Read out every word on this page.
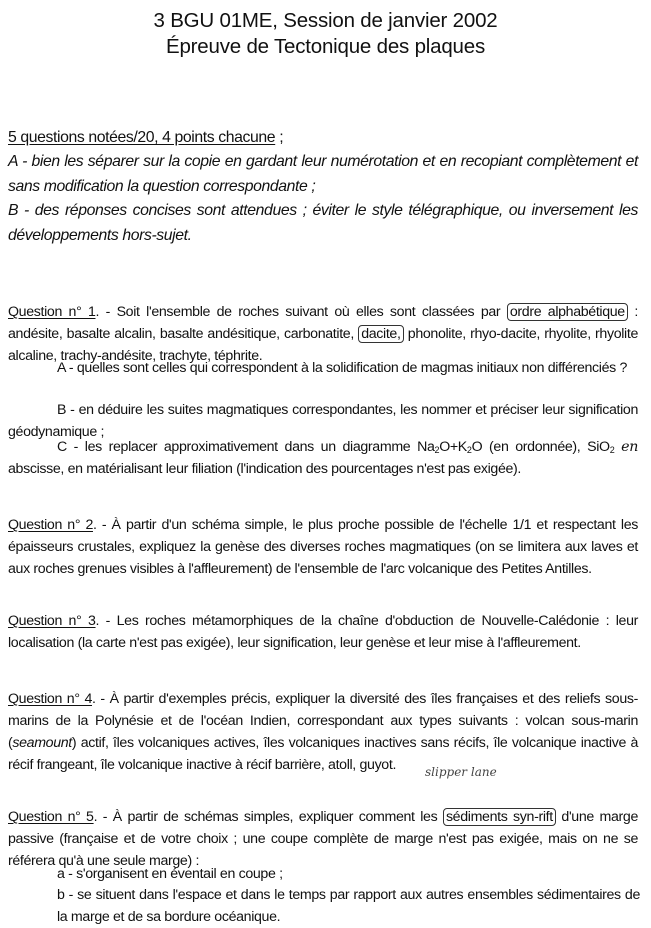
3 BGU 01ME, Session de janvier 2002
Épreuve de Tectonique des plaques
5 questions notées/20, 4 points chacune ;
A - bien les séparer sur la copie en gardant leur numérotation et en recopiant complètement et sans modification la question correspondante ;
B - des réponses concises sont attendues ; éviter le style télégraphique, ou inversement les développements hors-sujet.
Question n° 1. - Soit l'ensemble de roches suivant où elles sont classées par ordre alphabétique : andésite, basalte alcalin, basalte andésitique, carbonatite, dacite, phonolite, rhyo-dacite, rhyolite, rhyolite alcaline, trachy-andésite, trachyte, téphrite.
A - quelles sont celles qui correspondent à la solidification de magmas initiaux non différenciés ?
B - en déduire les suites magmatiques correspondantes, les nommer et préciser leur signification géodynamique ;
C - les replacer approximativement dans un diagramme $Na_2O+K_2O$ (en ordonnée), SiO$_2$ en abscisse, en matérialisant leur filiation (l'indication des pourcentages n'est pas exigée).
Question n° 2. - À partir d'un schéma simple, le plus proche possible de l'échelle 1/1 et respectant les épaisseurs crustales, expliquez la genèse des diverses roches magmatiques (on se limitera aux laves et aux roches grenues visibles à l'affleurement) de l'ensemble de l'arc volcanique des Petites Antilles.
Question n° 3. - Les roches métamorphiques de la chaîne d'obduction de Nouvelle-Calédonie : leur localisation (la carte n'est pas exigée), leur signification, leur genèse et leur mise à l'affleurement.
Question n° 4. - À partir d'exemples précis, expliquer la diversité des îles françaises et des reliefs sous-marins de la Polynésie et de l'océan Indien, correspondant aux types suivants : volcan sous-marin (seamount) actif, îles volcaniques actives, îles volcaniques inactives sans récifs, île volcanique inactive à récif frangeant, île volcanique inactive à récif barrière, atoll, guyot.	slipper lane
Question n° 5. - À partir de schémas simples, expliquer comment les sédiments syn-rift d'une marge passive (française et de votre choix ; une coupe complète de marge n'est pas exigée, mais on ne se référera qu'à une seule marge) :
a - s'organisent en éventail en coupe ;
b - se situent dans l'espace et dans le temps par rapport aux autres ensembles sédimentaires de la marge et de sa bordure océanique.
